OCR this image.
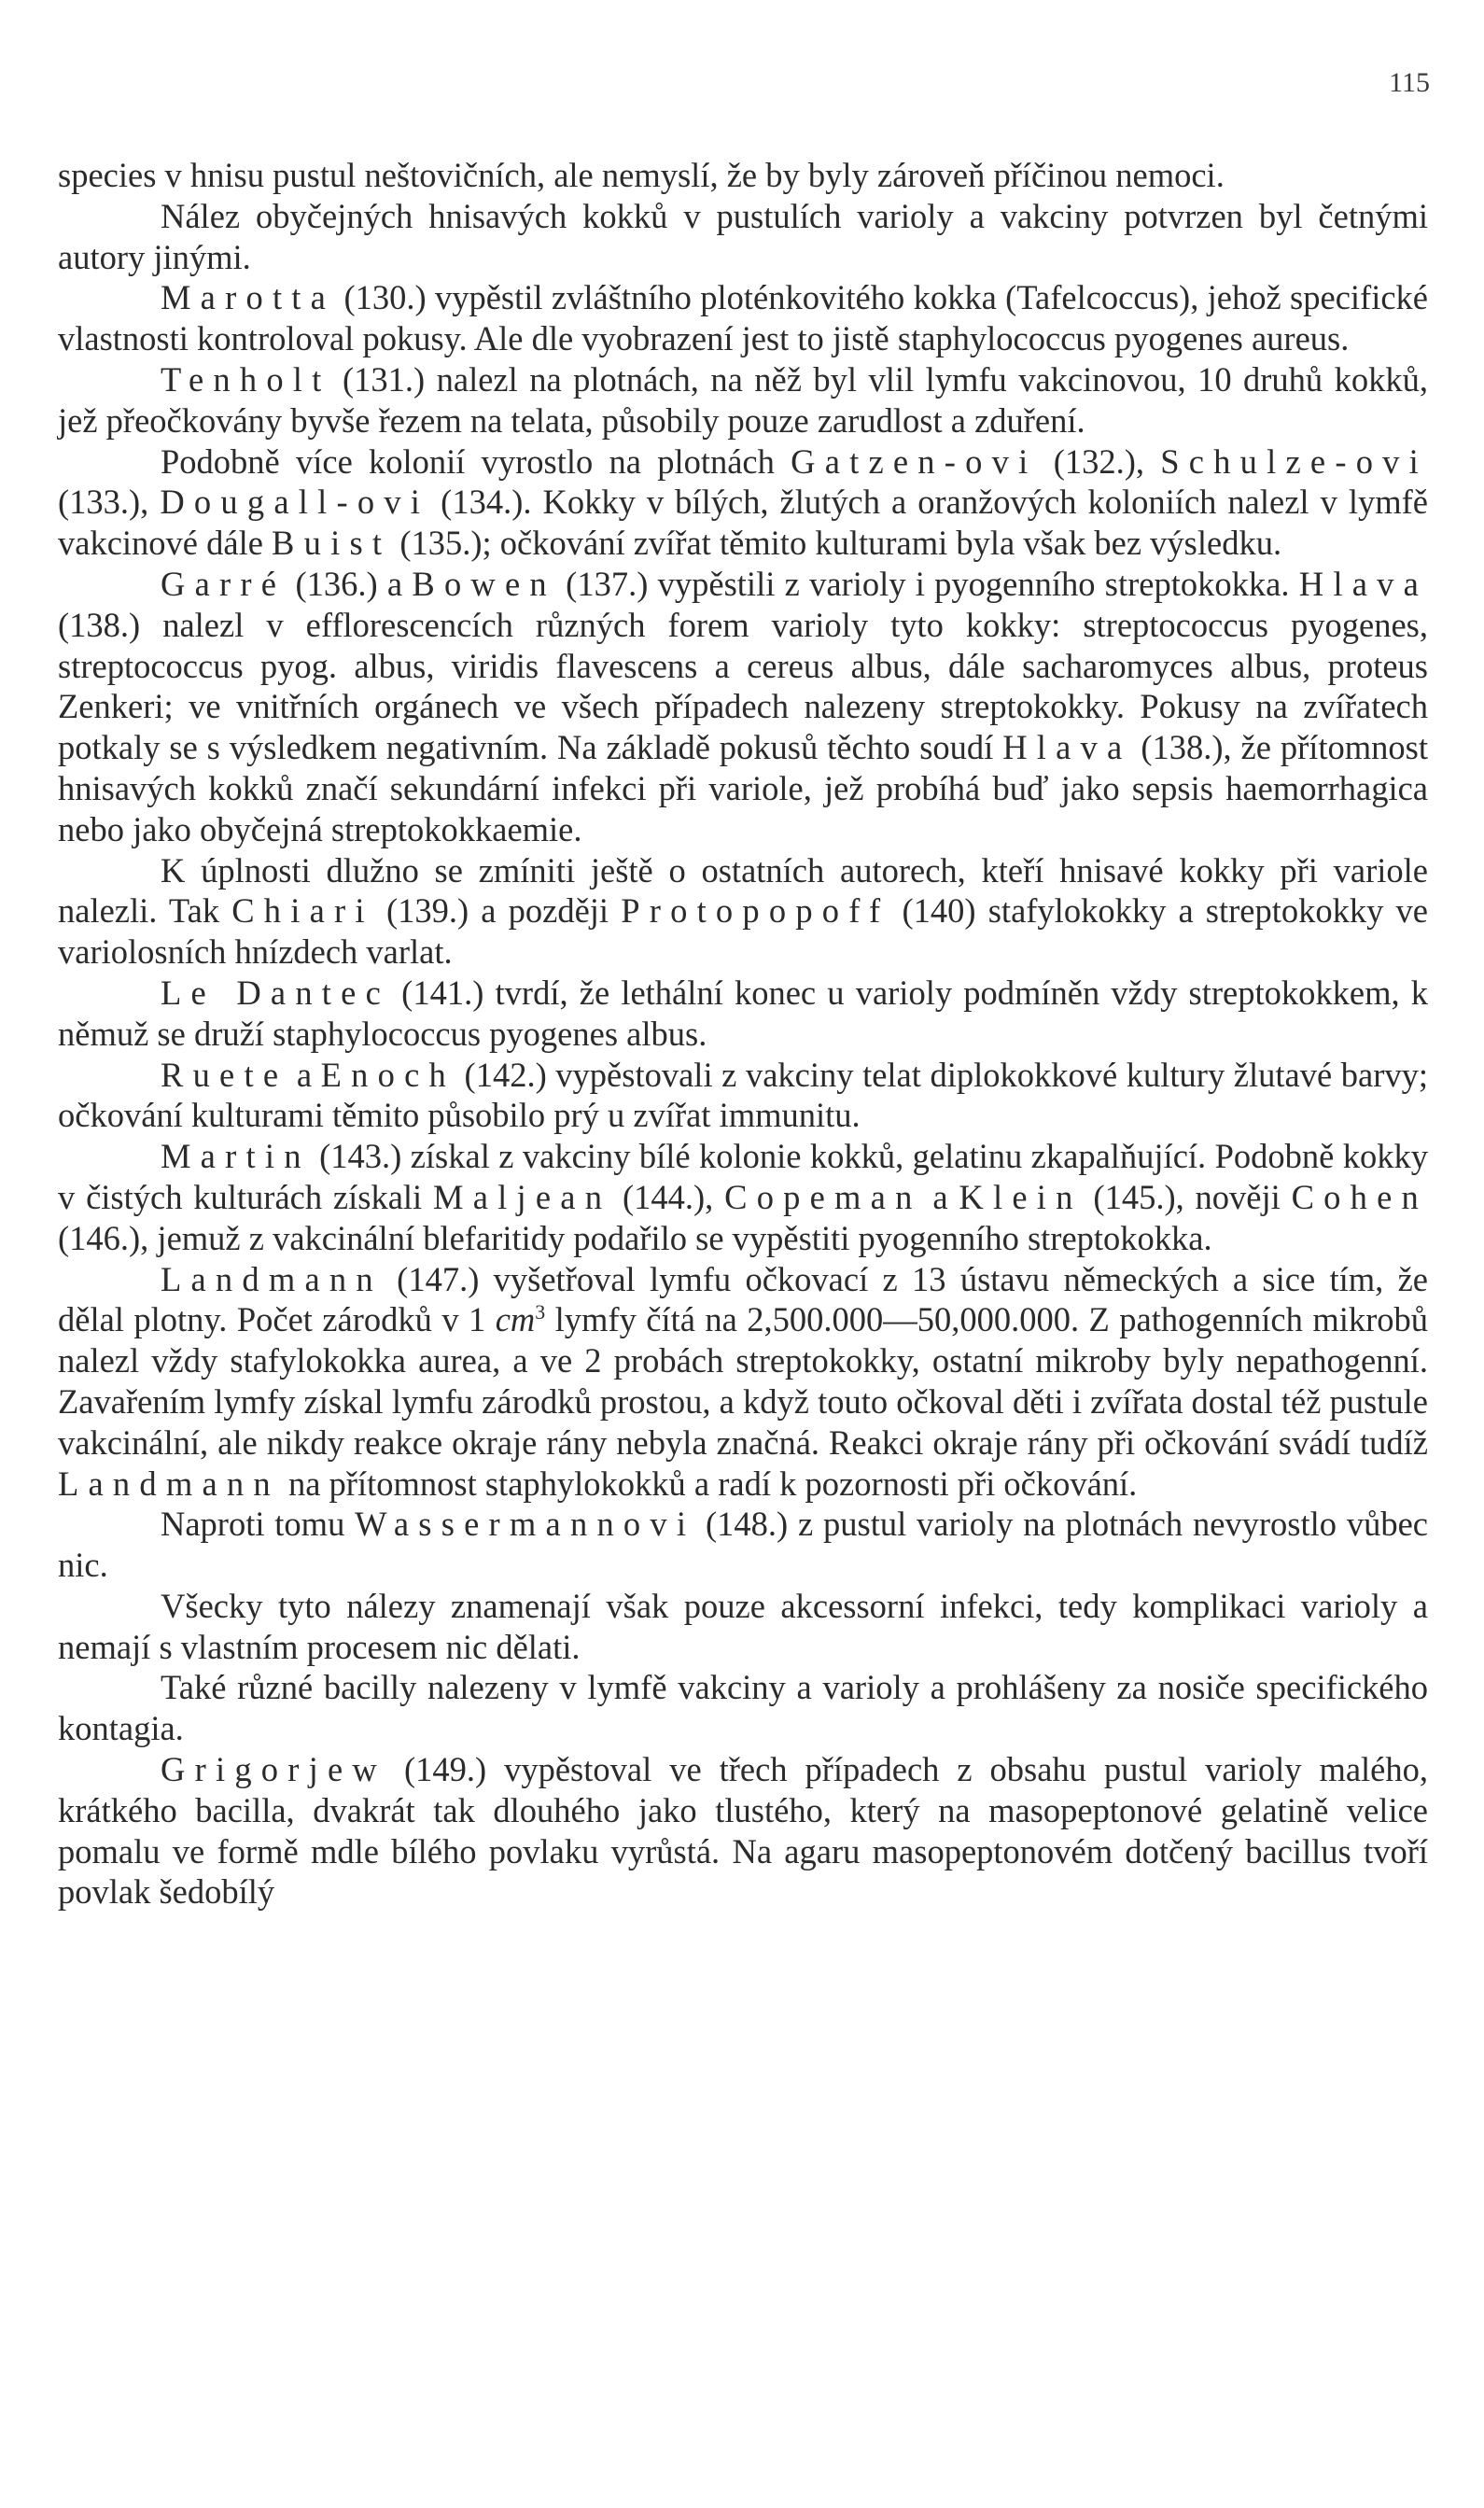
115

species v hnisu pustul neštovičních, ale nemyslí, že by byly zároveň příčinou nemoci.

Nález obyčejných hnisavých kokků v pustulích varioly a vakciny potvrzen byl četnými autory jinými.

Marotta (130.) vypěstil zvláštního ploténkovitého kokka (Tafelcoccus), jehož specifické vlastnosti kontroloval pokusy. Ale dle vyobrazení jest to jistě staphylococcus pyogenes aureus.

Tenholt (131.) nalezl na plotnách, na něž byl vlil lymfu vakcinovou, 10 druhů kokků, jež přeočkovány byvše řezem na telata, působily pouze zarudlost a zduření.

Podobně více kolonií vyrostlo na plotnách Gatzen-ovi (132.), Schulze-ovi (133.), Dougall-ovi (134.). Kokky v bílých, žlutých a oranžových koloniích nalezl v lymfě vakcinové dále Buist (135.); očkování zvířat těmito kulturami byla však bez výsledku.

Garré (136.) a Bowen (137.) vypěstili z varioly i pyogenního streptokokka. Hlava (138.) nalezl v efflorescencích různých forem varioly tyto kokky: streptococcus pyogenes, streptococcus pyog. albus, viridis flavescens a cereus albus, dále sacharomyces albus, proteus Zenkeri; ve vnitřních orgánech ve všech případech nalezeny streptokokky. Pokusy na zvířatech potkaly se s výsledkem negativním. Na základě pokusů těchto soudí Hlava (138.), že přítomnost hnisavých kokků značí sekundární infekci při variole, jež probíhá buď jako sepsis haemorrhagica nebo jako obyčejná streptokokkaemie.

K úplnosti dlužno se zmíniti ještě o ostatních autorech, kteří hnisavé kokky při variole nalezli. Tak Chiari (139.) a později Protopopoff (140) stafylokokky a streptokokky ve variolosních hnízdech varlat.

Le Dantec (141.) tvrdí, že lethální konec u varioly podmíněn vždy streptokokkem, k němuž se druží staphylococcus pyogenes albus.

Ruete a Enoch (142.) vypěstovali z vakciny telat diplokokkové kultury žlutavé barvy; očkování kulturami těmito působilo prý u zvířat immunitu.

Martin (143.) získal z vakciny bílé kolonie kokků, gelatinu zkapalňující. Podobně kokky v čistých kulturách získali Maljean (144.), Copeman a Klein (145.), nověji Cohen (146.), jemuž z vakcinální blefaritidy podařilo se vypěstiti pyogenního streptokokka.

Landmann (147.) vyšetřoval lymfu očkovací z 13 ústavu německých a sice tím, že dělal plotny. Počet zárodků v 1 $cm^3$ lymfy čítá na 2,500.000—50,000.000. Z pathogenních mikrobů nalezl vždy stafylokokka aurea, a ve 2 probách streptokokky, ostatní mikroby byly nepathogenní. Zavařením lymfy získal lymfu zárodků prostou, a když touto očkoval děti i zvířata dostal též pustule vakcinální, ale nikdy reakce okraje rány nebyla značná. Reakci okraje rány při očkování svádí tudíž Landmann na přítomnost staphylokokků a radí k pozornosti při očkování.

Naproti tomu Wassermannovi (148.) z pustul varioly na plotnách nevyrostlo vůbec nic.

Všecky tyto nálezy znamenají však pouze akcessorní infekci, tedy komplikaci varioly a nemají s vlastním procesem nic dělati.

Také různé bacilly nalezeny v lymfě vakciny a varioly a prohlášeny za nosiče specifického kontagia.

Grigorjew (149.) vypěstoval ve třech případech z obsahu pustul varioly malého, krátkého bacilla, dvakrát tak dlouhého jako tlustého, který na masopeptonové gelatině velice pomalu ve formě mdle bílého povlaku vyrůstá. Na agaru masopeptonovém dotčený bacillus tvoří povlak šedobílý
